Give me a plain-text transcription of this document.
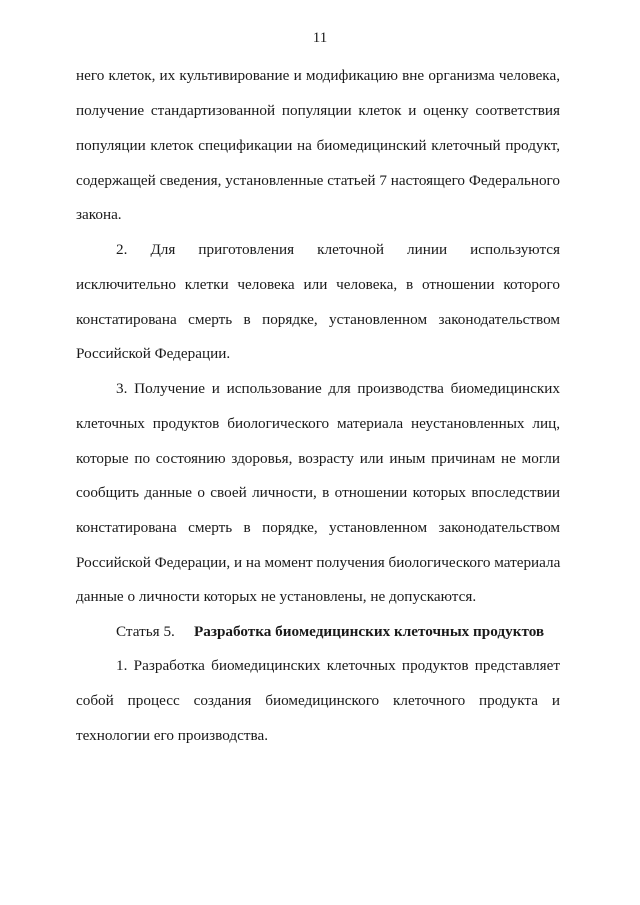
11
него клеток, их культивирование и модификацию вне организма человека,
получение стандартизованной популяции клеток и оценку соответствия
популяции клеток спецификации на биомедицинский клеточный продукт,
содержащей сведения, установленные статьей 7 настоящего Федерального
закона.
2. Для приготовления клеточной линии используются
исключительно клетки человека или человека, в отношении которого
констатирована смерть в порядке, установленном законодательством
Российской Федерации.
3. Получение и использование для производства биомедицинских
клеточных продуктов биологического материала неустановленных лиц,
которые по состоянию здоровья, возрасту или иным причинам не могли
сообщить данные о своей личности, в отношении которых впоследствии
констатирована смерть в порядке, установленном законодательством
Российской Федерации, и на момент получения биологического материала
данные о личности которых не установлены, не допускаются.
Статья 5. Разработка биомедицинских клеточных продуктов
1. Разработка биомедицинских клеточных продуктов представляет
собой процесс создания биомедицинского клеточного продукта и
технологии его производства.
